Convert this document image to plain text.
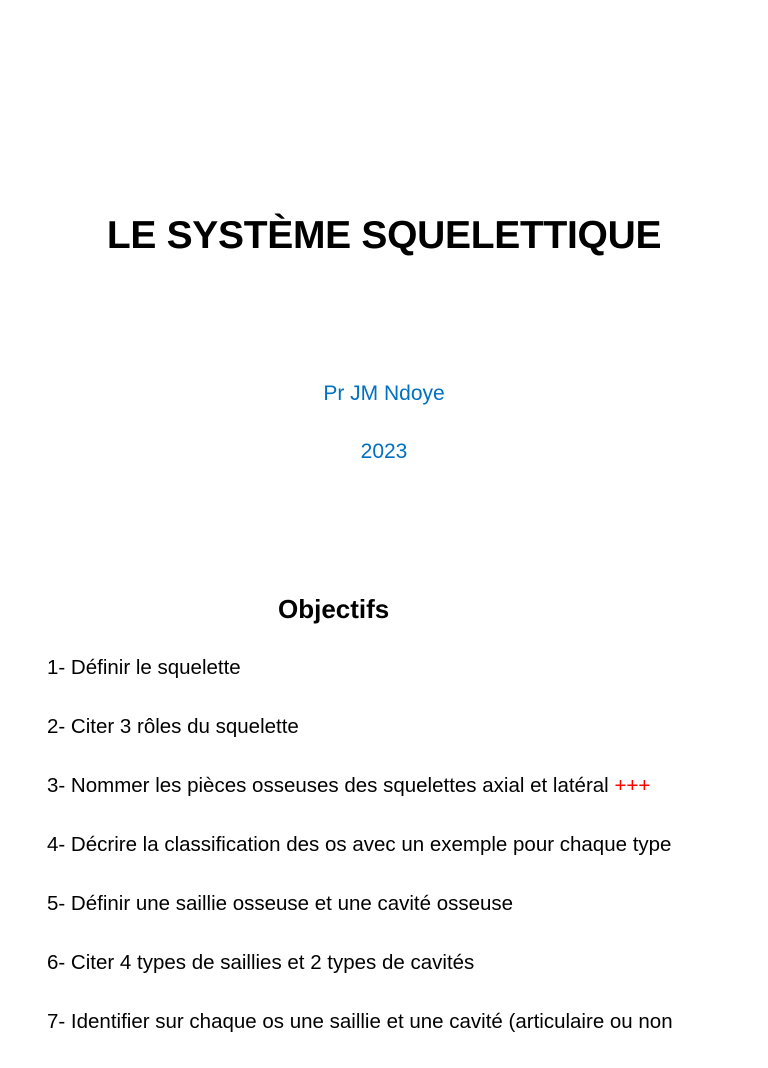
LE SYSTÈME SQUELETTIQUE
Pr JM Ndoye
2023
Objectifs
1- Définir le squelette
2- Citer 3 rôles du squelette
3- Nommer les pièces osseuses des squelettes axial et latéral +++
4- Décrire la classification des os avec un exemple pour chaque type
5- Définir une saillie osseuse et une cavité osseuse
6- Citer 4 types de saillies et 2 types de cavités
7- Identifier sur chaque os une saillie et une cavité (articulaire ou non
